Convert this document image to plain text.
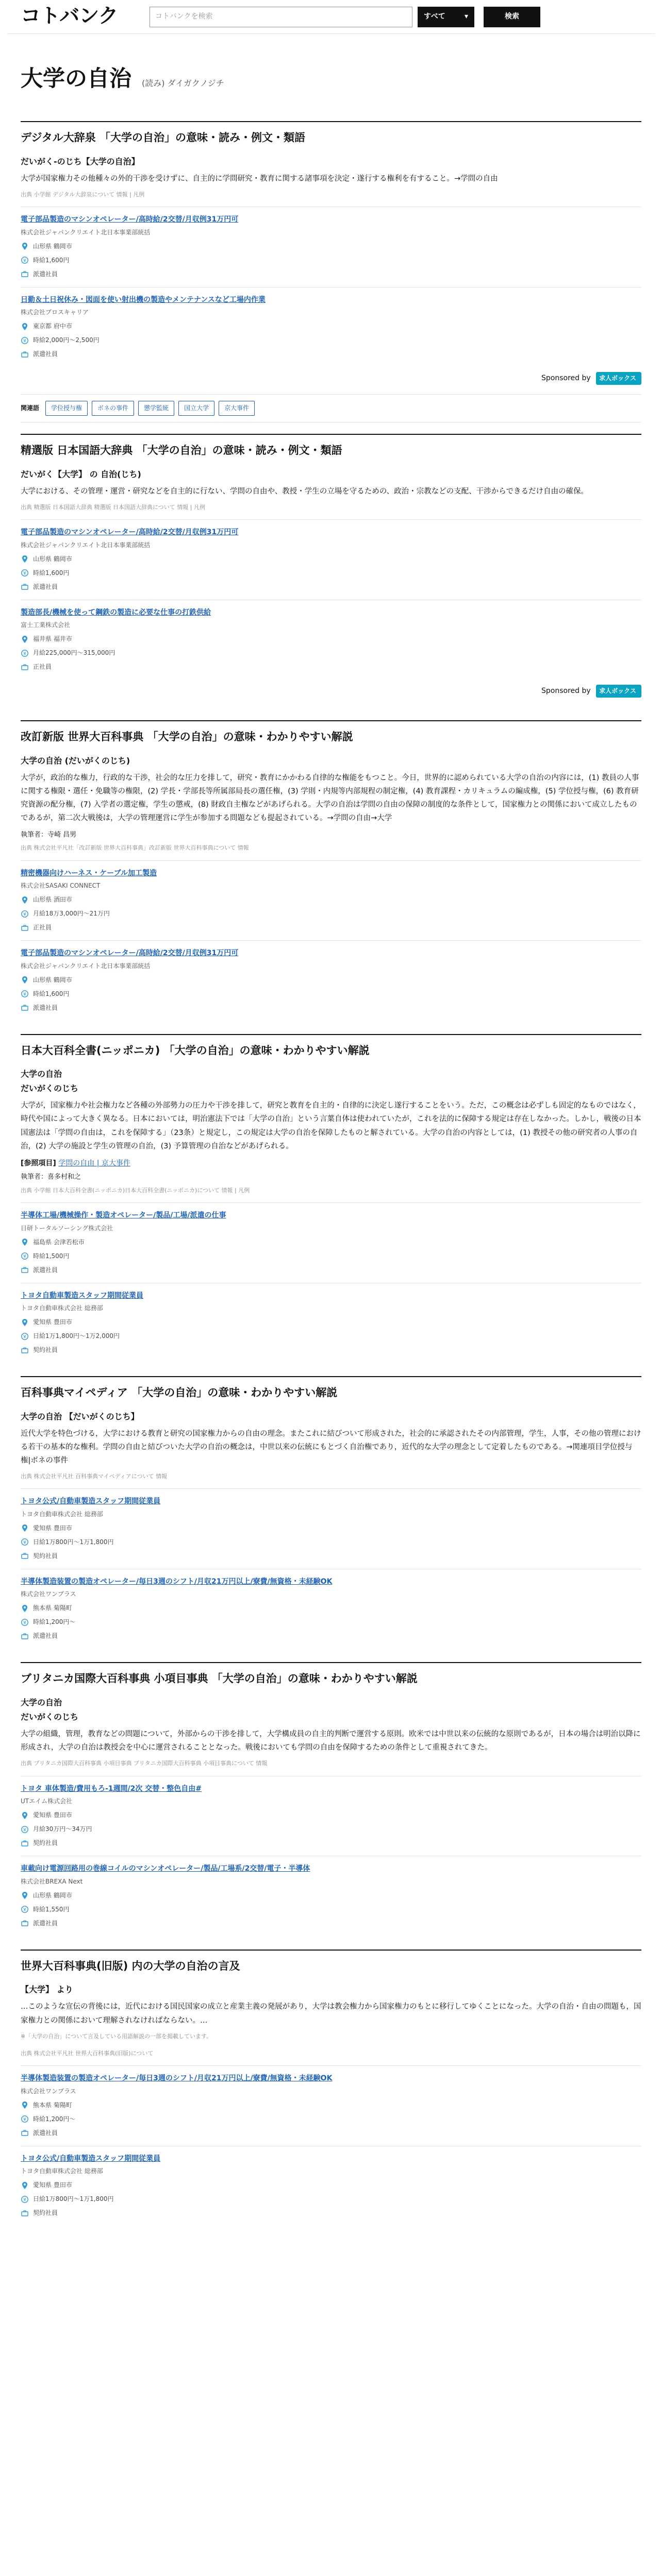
コトバンク	コトバンクを検索	すべて	▾	検索
大学の自治 (読み) ダイガクノジチ
デジタル大辞泉 「大学の自治」の意味・読み・例文・類語
だいがく‐のじち【大学の自治】
大学が国家権力その他種々の外的干渉を受けずに、自主的に学問研究・教育に関する諸事項を決定・遂行する権利を有すること。→学問の自由
出典 小学館 デジタル大辞泉について 情報 | 凡例
電子部品製造のマシンオペレーター/高時給/2交替/月収例31万円可
株式会社ジャパンクリエイト北日本事業部統括
山形県 鶴岡市
¥ 時給1,600円
派遣社員
日勤＆土日祝休み・図面を使い射出機の製造やメンテナンスなど工場内作業
株式会社プロスキャリア
東京都 府中市
¥ 時給2,000円〜2,500円
派遣社員
Sponsored by 求人ボックス
関連語	学位授与権	ボネの事件	懲学監統	国立大学	京大事件
精選版 日本国語大辞典 「大学の自治」の意味・読み・例文・類語
だいがく【大学】 の 自治(じち)
大学における、その管理・運営・研究などを自主的に行ない、学問の自由や、教授・学生の立場を守るための、政治・宗教などの支配、干渉からできるだけ自由の確保。
出典 精選版 日本国語大辞典 精選版 日本国語大辞典について 情報 | 凡例
電子部品製造のマシンオペレーター/高時給/2交替/月収例31万円可
株式会社ジャパンクリエイト北日本事業部統括
山形県 鶴岡市
¥ 時給1,600円
派遣社員
製造部長/機械を使って鋼鉄の製造に必要な仕事の打鉄供給
富士工業株式会社
福井県 福井市
¥ 月給225,000円〜315,000円
正社員
Sponsored by 求人ボックス
改訂新版 世界大百科事典 「大学の自治」の意味・わかりやすい解説
大学の自治 (だいがくのじち)
大学が，政治的な権力，行政的な干渉，社会的な圧力を排して，研究・教育にかかわる自律的な権能をもつこと。今日，世界的に認められている大学の自治の内容には，(1) 教員の人事に関する権限・選任・免職等の権限，(2) 学長・学部長等所属部局長の選任権，(3) 学則・内規等内部規程の制定権，(4) 教育課程・カリキュラムの編成権，(5) 学位授与権，(6) 教育研究資源の配分権，(7) 入学者の選定権，学生の懲戒，(8) 財政自主権などがあげられる。大学の自治は学問の自由の保障の制度的な条件として，国家権力との関係において成立したものであるが，第二次大戦後は，大学の管理運営に学生が参加する問題なども提起されている。→学問の自由→大学
執筆者：寺崎 昌男
出典 株式会社平凡社「改訂新版 世界大百科事典」改訂新版 世界大百科事典について 情報
精密機器向けハーネス・ケーブル加工製造
株式会社SASAKI CONNECT
山形県 酒田市
¥ 月給18万3,000円〜21万円
正社員
電子部品製造のマシンオペレーター/高時給/2交替/月収例31万円可
株式会社ジャパンクリエイト北日本事業部統括
山形県 鶴岡市
¥ 時給1,600円
派遣社員
日本大百科全書(ニッポニカ) 「大学の自治」の意味・わかりやすい解説
大学の自治
だいがくのじち
大学が，国家権力や社会権力など各種の外部勢力の圧力や干渉を排して，研究と教育を自主的・自律的に決定し遂行することをいう。ただ，この概念は必ずしも固定的なものではなく，時代や国によって大きく異なる。日本においては，明治憲法下では「大学の自治」という言葉自体は使われていたが，これを法的に保障する規定は存在しなかった。しかし，戦後の日本国憲法は「学問の自由は，これを保障する」（23条）と規定し，この規定は大学の自治を保障したものと解されている。大学の自治の内容としては，(1) 教授その他の研究者の人事の自治，(2) 大学の施設と学生の管理の自治，(3) 予算管理の自治などがあげられる。
[参照項目] 学問の自由 | 京大事件
執筆者：喜多村和之
出典 小学館 日本大百科全書(ニッポニカ)日本大百科全書(ニッポニカ)について 情報 | 凡例
半導体工場/機械操作・製造オペレーター/製品/工場/派遣の仕事
日研トータルソーシング株式会社
福島県 会津若松市
¥ 時給1,500円
派遣社員
トヨタ自動車製造スタッフ期間従業員
トヨタ自動車株式会社 総務部
愛知県 豊田市
¥ 日給1万1,800円〜1万2,000円
契約社員
百科事典マイペディア 「大学の自治」の意味・わかりやすい解説
大学の自治 【だいがくのじち】
近代大学を特色づける，大学における教育と研究の国家権力からの自由の理念。またこれに結びついて形成された，社会的に承認されたその内部管理，学生，人事，その他の管理における若干の基本的な権利。学問の自由と結びついた大学の自治の概念は，中世以来の伝統にもとづく自治権であり，近代的な大学の理念として定着したものである。→関連項目学位授与権|ボネの事件
出典 株式会社平凡社 百科事典マイペディアについて 情報
トヨタ公式/自動車製造スタッフ期間従業員
トヨタ自動車株式会社 総務部
愛知県 豊田市
¥ 日給1万800円〜1万1,800円
契約社員
半導体製造装置の製造オペレーター/毎日3週のシフト/月収21万円以上/寮費/無資格・未経験OK
株式会社ワンプラス
熊本県 菊陽町
¥ 時給1,200円〜
派遣社員
ブリタニカ国際大百科事典 小項目事典 「大学の自治」の意味・わかりやすい解説
大学の自治
だいがくのじち
大学の組織，管理，教育などの問題について，外部からの干渉を排して，大学構成員の自主的判断で運営する原則。欧米では中世以来の伝統的な原則であるが，日本の場合は明治以降に形成され，大学の自治は教授会を中心に運営されることとなった。戦後においても学問の自由を保障するための条件として重視されてきた。
出典 ブリタニカ国際大百科事典 小項目事典 ブリタニカ国際大百科事典 小項目事典について 情報
トヨタ 車体製造/費用もろ-1週間/2次 交替・整色自由#
UTエイム株式会社
愛知県 豊田市
¥ 月給30万円〜34万円
契約社員
車載向け電源回路用の巻線コイルのマシンオペレーター/製品/工場系/2交替/電子・半導体
株式会社BREXA Next
山形県 鶴岡市
¥ 時給1,550円
派遣社員
世界大百科事典(旧版) 内の大学の自治の言及
【大学】 より
…このような宣伝の背後には，近代における国民国家の成立と産業主義の発展があり，大学は教会権力から国家権力のもとに移行してゆくことになった。大学の自治・自由の問題も，国家権力との関係において理解されなければならない。…
※「大学の自治」について言及している用語解説の一部を掲載しています。
出典 株式会社平凡社 世界大百科事典(旧版)について
半導体製造装置の製造オペレーター/毎日3週のシフト/月収21万円以上/寮費/無資格・未経験OK
株式会社ワンプラス
熊本県 菊陽町
¥ 時給1,200円〜
派遣社員
トヨタ公式/自動車製造スタッフ期間従業員
トヨタ自動車株式会社 総務部
愛知県 豊田市
¥ 日給1万800円〜1万1,800円
契約社員
